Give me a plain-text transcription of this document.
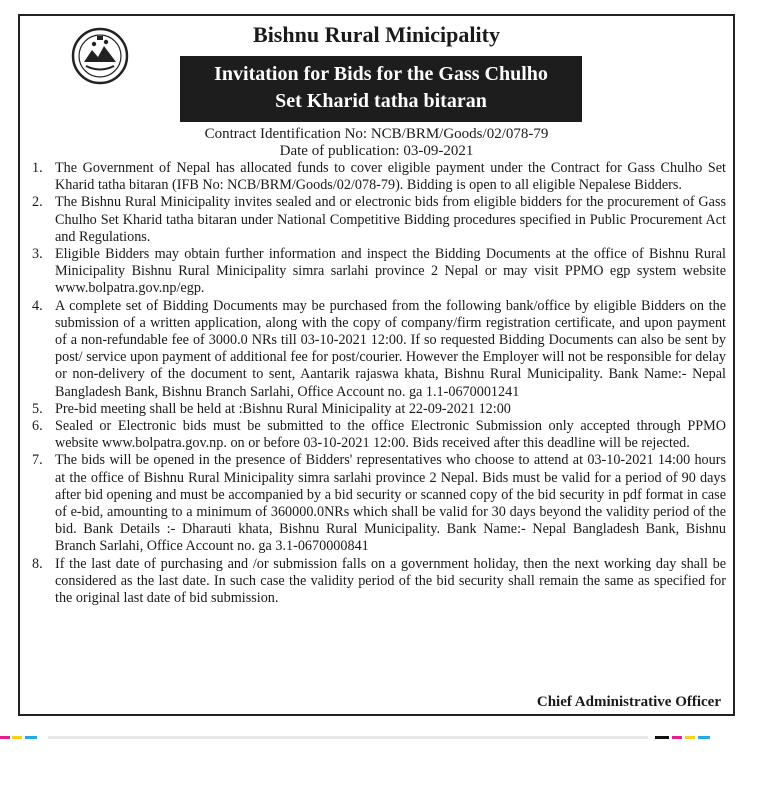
Bishnu Rural Minicipality
Invitation for Bids for the Gass Chulho
Set Kharid tatha bitaran
Contract Identification No: NCB/BRM/Goods/02/078-79
Date of publication: 03-09-2021
1. The Government of Nepal has allocated funds to cover eligible payment under the Contract for Gass Chulho Set Kharid tatha bitaran (IFB No: NCB/BRM/Goods/02/078-79). Bidding is open to all eligible Nepalese Bidders.
2. The Bishnu Rural Minicipality invites sealed and or electronic bids from eligible bidders for the procurement of Gass Chulho Set Kharid tatha bitaran under National Competitive Bidding procedures specified in Public Procurement Act and Regulations.
3. Eligible Bidders may obtain further information and inspect the Bidding Documents at the office of Bishnu Rural Minicipality Bishnu Rural Minicipality simra sarlahi province 2 Nepal or may visit PPMO egp system website www.bolpatra.gov.np/egp.
4. A complete set of Bidding Documents may be purchased from the following bank/office by eligible Bidders on the submission of a written application, along with the copy of company/firm registration certificate, and upon payment of a non-refundable fee of 3000.0 NRs till 03-10-2021 12:00. If so requested Bidding Documents can also be sent by post/ service upon payment of additional fee for post/courier. However the Employer will not be responsible for delay or non-delivery of the document to sent, Aantarik rajaswa khata, Bishnu Rural Municipality. Bank Name:- Nepal Bangladesh Bank, Bishnu Branch Sarlahi, Office Account no. ga 1.1-0670001241
5. Pre-bid meeting shall be held at :Bishnu Rural Minicipality at 22-09-2021 12:00
6. Sealed or Electronic bids must be submitted to the office Electronic Submission only accepted through PPMO website www.bolpatra.gov.np. on or before 03-10-2021 12:00. Bids received after this deadline will be rejected.
7. The bids will be opened in the presence of Bidders' representatives who choose to attend at 03-10-2021 14:00 hours at the office of Bishnu Rural Minicipality simra sarlahi province 2 Nepal. Bids must be valid for a period of 90 days after bid opening and must be accompanied by a bid security or scanned copy of the bid security in pdf format in case of e-bid, amounting to a minimum of 360000.0NRs which shall be valid for 30 days beyond the validity period of the bid. Bank Details :- Dharauti khata, Bishnu Rural Municipality. Bank Name:- Nepal Bangladesh Bank, Bishnu Branch Sarlahi, Office Account no. ga 3.1-0670000841
8. If the last date of purchasing and /or submission falls on a government holiday, then the next working day shall be considered as the last date. In such case the validity period of the bid security shall remain the same as specified for the original last date of bid submission.
Chief Administrative Officer
